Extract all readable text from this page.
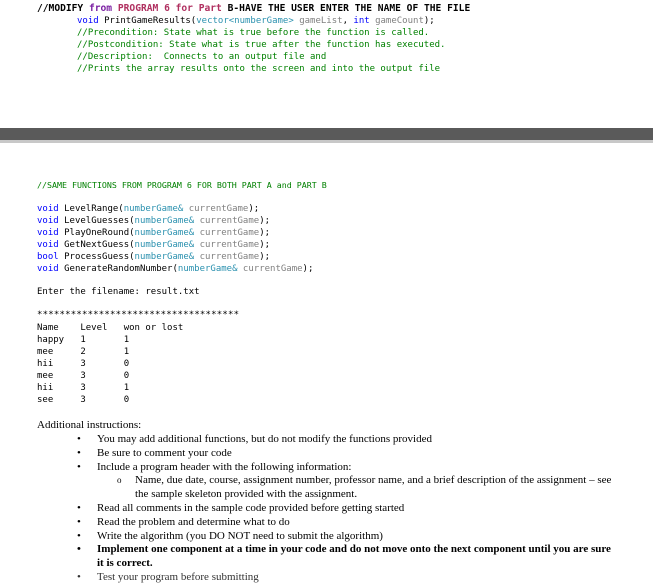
//MODIFY from PROGRAM 6 for Part B-HAVE THE USER ENTER THE NAME OF THE FILE
void PrintGameResults(vector<numberGame> gameList, int gameCount);
//Precondition: State what is true before the function is called.
//Postcondition: State what is true after the function has executed.
//Description:  Connects to an output file and
//Prints the array results onto the screen and into the output file
//SAME FUNCTIONS FROM PROGRAM 6 FOR BOTH PART A and PART B
void LevelRange(numberGame& currentGame);
void LevelGuesses(numberGame& currentGame);
void PlayOneRound(numberGame& currentGame);
void GetNextGuess(numberGame& currentGame);
bool ProcessGuess(numberGame& currentGame);
void GenerateRandomNumber(numberGame& currentGame);
Enter the filename: result.txt
************************************
Name    Level   won or lost
happy   1       1
mee     2       1
hii     3       0
mee     3       0
hii     3       1
see     3       0
Additional instructions:
• You may add additional functions, but do not modify the functions provided
• Be sure to comment your code
• Include a program header with the following information:
o Name, due date, course, assignment number, professor name, and a brief description of the assignment – see the sample skeleton provided with the assignment.
• Read all comments in the sample code provided before getting started
• Read the problem and determine what to do
• Write the algorithm (you DO NOT need to submit the algorithm)
• Implement one component at a time in your code and do not move onto the next component until you are sure it is correct.
• Test your program before submitting
